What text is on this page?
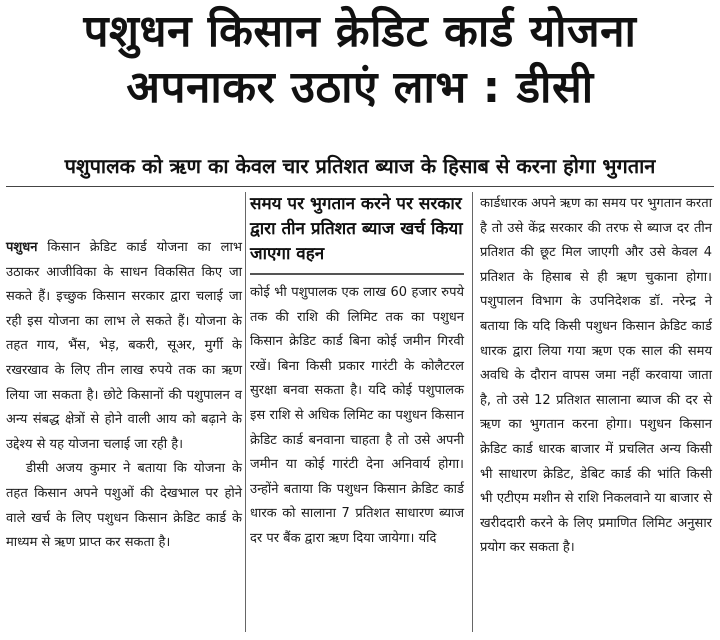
पशुधन किसान क्रेडिट कार्ड योजना
अपनाकर उठाएं लाभ : डीसी
पशुपालक को ऋण का केवल चार प्रतिशत ब्याज के हिसाब से करना होगा भुगतान

पशुधन किसान क्रेडिट कार्ड योजना का लाभ उठाकर आजीविका के साधन विकसित किए जा सकते हैं। इच्छुक किसान सरकार द्वारा चलाई जा रही इस योजना का लाभ ले सकते हैं। योजना के तहत गाय, भैंस, भेड़, बकरी, सूअर, मुर्गी के रखरखाव के लिए तीन लाख रुपये तक का ऋण लिया जा सकता है। छोटे किसानों की पशुपालन व अन्य संबद्ध क्षेत्रों से होने वाली आय को बढ़ाने के उद्देश्य से यह योजना चलाई जा रही है।

डीसी अजय कुमार ने बताया कि योजना के तहत किसान अपने पशुओं की देखभाल पर होने वाले खर्च के लिए पशुधन किसान क्रेडिट कार्ड के माध्यम से ऋण प्राप्त कर सकता है।

समय पर भुगतान करने पर सरकार द्वारा तीन प्रतिशत ब्याज खर्च किया जाएगा वहन

कोई भी पशुपालक एक लाख 60 हजार रुपये तक की राशि की लिमिट तक का पशुधन किसान क्रेडिट कार्ड बिना कोई जमीन गिरवी रखें। बिना किसी प्रकार गारंटी के कोलैटरल सुरक्षा बनवा सकता है। यदि कोई पशुपालक इस राशि से अधिक लिमिट का पशुधन किसान क्रेडिट कार्ड बनवाना चाहता है तो उसे अपनी जमीन या कोई गारंटी देना अनिवार्य होगा। उन्होंने बताया कि पशुधन किसान क्रेडिट कार्ड धारक को सालाना 7 प्रतिशत साधारण ब्याज दर पर बैंक द्वारा ऋण दिया जायेगा। यदि

कार्डधारक अपने ऋण का समय पर भुगतान करता है तो उसे केंद्र सरकार की तरफ से ब्याज दर तीन प्रतिशत की छूट मिल जाएगी और उसे केवल 4 प्रतिशत के हिसाब से ही ऋण चुकाना होगा। पशुपालन विभाग के उपनिदेशक डॉ. नरेन्द्र ने बताया कि यदि किसी पशुधन किसान क्रेडिट कार्ड धारक द्वारा लिया गया ऋण एक साल की समय अवधि के दौरान वापस जमा नहीं करवाया जाता है, तो उसे 12 प्रतिशत सालाना ब्याज की दर से ऋण का भुगतान करना होगा। पशुधन किसान क्रेडिट कार्ड धारक बाजार में प्रचलित अन्य किसी भी साधारण क्रेडिट, डेबिट कार्ड की भांति किसी भी एटीएम मशीन से राशि निकलवाने या बाजार से खरीददारी करने के लिए प्रमाणित लिमिट अनुसार प्रयोग कर सकता है।
